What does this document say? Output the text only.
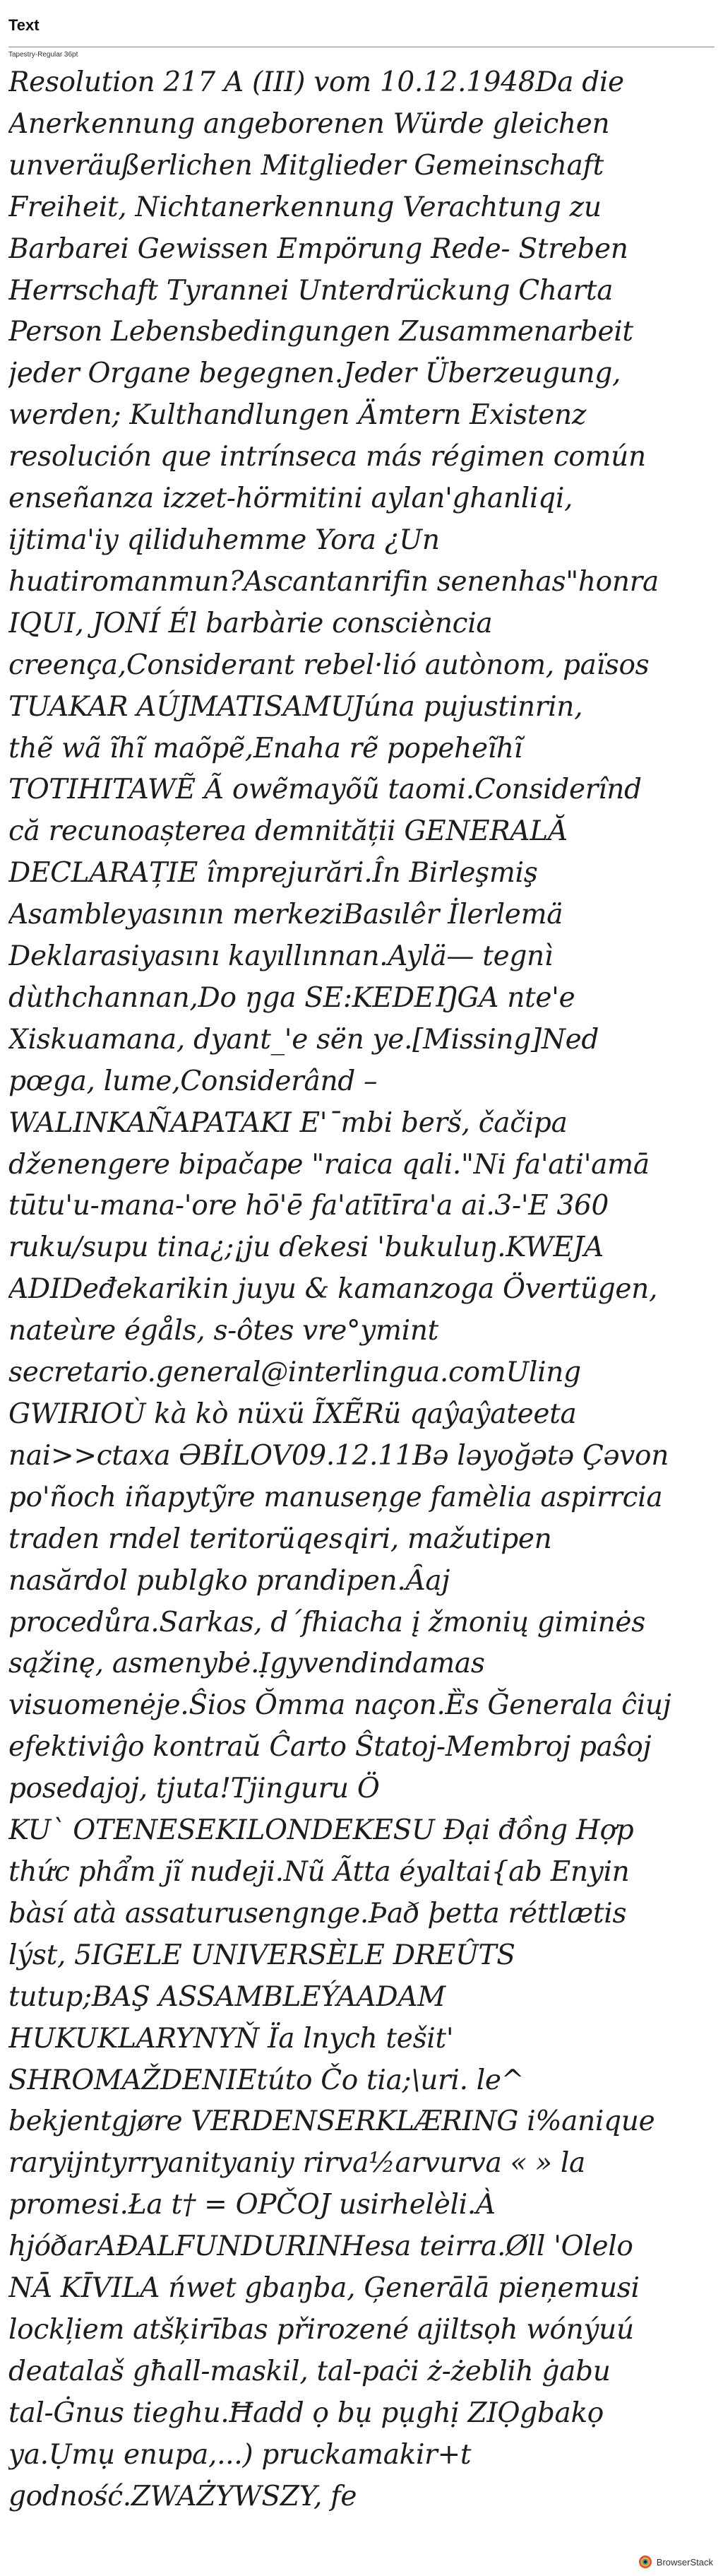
Text
Tapestry-Regular 36pt
Resolution 217 A (III) vom 10.12.1948Da die
Anerkennung angeborenen Würde gleichen
unveräußerlichen Mitglieder Gemeinschaft
Freiheit, Nichtanerkennung Verachtung zu
Barbarei Gewissen Empörung Rede- Streben
Herrschaft Tyrannei Unterdrückung Charta
Person Lebensbedingungen Zusammenarbeit
jeder Organe begegnen.Jeder Überzeugung,
werden; Kulthandlungen Ämtern Existenz
resolución que intrínseca más régimen común
enseñanza izzet-hörmitini aylan'ghanliqi,
ijtima'iy qiliduhemme Yora ¿Un
huatiromanmun?Ascantanrifin senenhas"honra
IQUI, JONÍ Él barbàrie consciència
creença,Considerant rebel·lió autònom, països
TUAKAR AÚJMATISAMUJúna pujustinrin,
thẽ wã ĩhĩ maõpẽ,Enaha rẽ popeheĩhĩ
TOTIHITAWẼ Ã owẽmayõũ taomi.Considerînd
că recunoașterea demnității GENERALĂ
DECLARAȚIE împrejurări.În Birleşmiş
Asambleyasının merkeziBasılêr İlerlemä
Deklarasiyasını kayıllınnan.Aylä— tegnì
dùthchannan,Do ŋga SE:KEDEŊGA nte'e
Xiskuamana, dyant_'e sën ye.[Missing]Ned
pœga, lume,Considerând –
WALINKAÑAPATAKI E'¯mbi berš, čačipa
dženengere bipačape "raica qali."Ni fa'ati'amā
tūtu'u-mana-'ore hō'ē fa'atītīra'a ai.3-'E 360
ruku/supu tina¿;¡ju ɗekesi 'bukuluŋ.KWEJA
ADIDeđekarikin juyu & kamanzoga Övertügen,
nateùre égåls, s-ôtes vre°ymint
secretario.general@interlingua.comUling
GWIRIOÙ kà kò nüxü ĨXẼRü qaŷaŷateeta
nai>>ctaxa ƏBİLOV09.12.11Bə ləyoğətə Çəvon
po'ñoch iñapytỹre manuseņge famèlia aspirrcia
traden rndel teritorüqesqiri, mažutipen
nasărdol publgko prandipen.Ȃaj
procedůra.Sarkas, d´fhiacha į žmonių giminės
sąžinę, asmenybė.Ịgyvendindamas
visuomenėje.Ŝios Ŏmma naçon.Ȅs Ğenerala ĉiuj
efektiviĝo kontraŭ Ĉarto Ŝtatoj-Membroj paŝoj
posedajoj, tjuta!Tjinguru Ö
KU` OTENESEKILONDEKESU Đại đồng Hợp
thức phẩm jĩ nudeji.Nũ Ãtta éyaltai{ab Enyin
bàsí atà assaturusengnge.Það þetta réttlætis
lýst, 5IGELE UNIVERSÈLE DREÛTS
tutup;BAŞ ASSAMBLEÝAADAM
HUKUKLARYNYŇ Ïa lnych tešit'
SHROMAŽDENIEtúto Čo tia;\uri. le^
bekjentgjøre VERDENSERKLÆRING i%anique
raryijntyrryanityaniy rirva½arvurva « » la
promesi.Ła t† = OPČOJ usirhelèli.À
hjóðarAÐALFUNDURINHesa teirra.Øll 'Olelo
NĀ KĪVILA ńwet gbaŋba, Ģenerālā pieņemusi
lockļiem atšķirības přirozené ajiltsọh wónýuú
deatalaš għall-maskil, tal-paċi ż-żeblih ġabu
tal-Ġnus tieghu.Ħadd ọ bụ pụghị ZIỌgbakọ
ya.Ụmụ enupa,...) pruckamakir+t
godność.ZWAŻYWSZY, fe
BrowserStack
